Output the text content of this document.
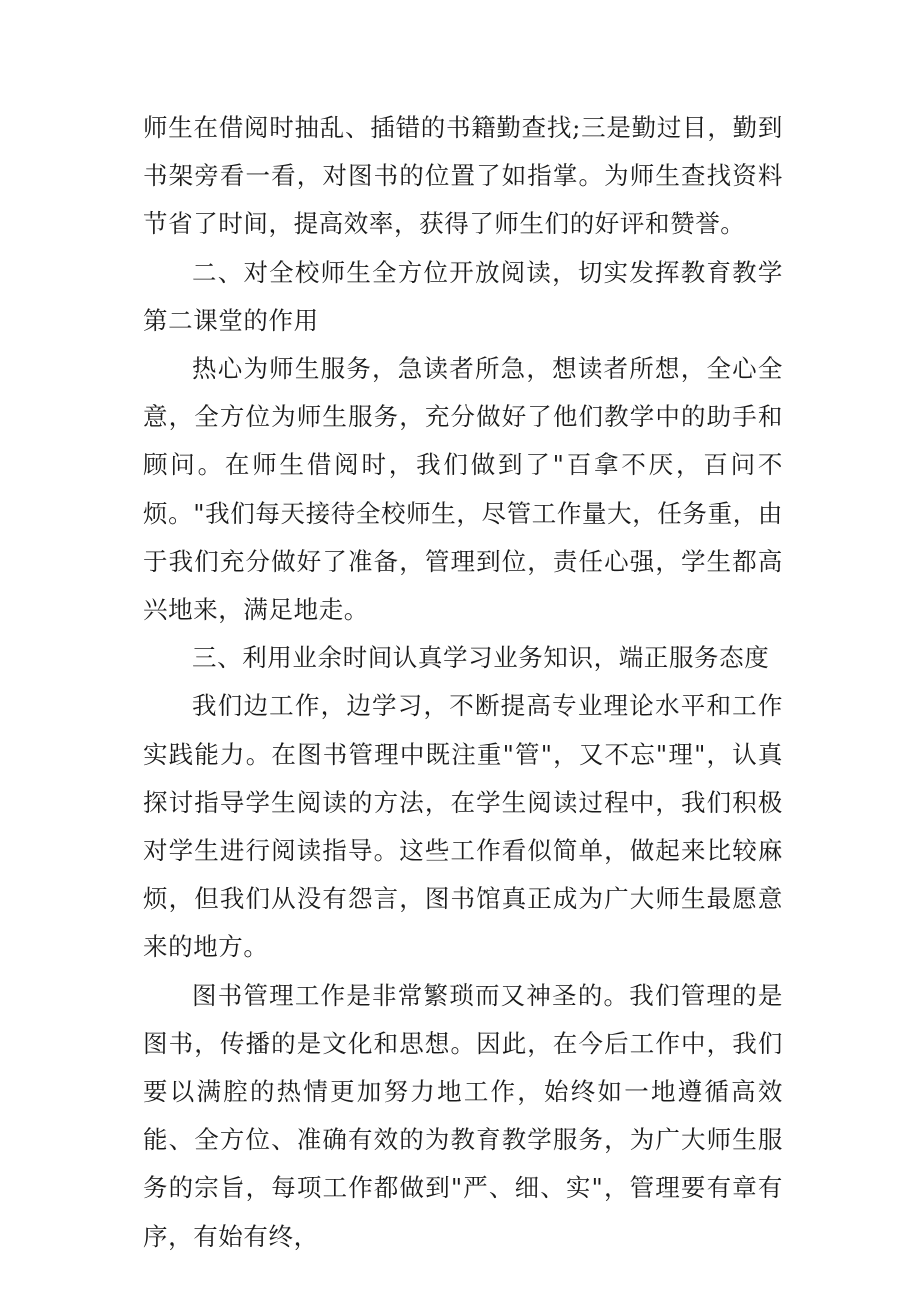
师生在借阅时抽乱、插错的书籍勤查找;三是勤过目，勤到书架旁看一看，对图书的位置了如指掌。为师生查找资料节省了时间，提高效率，获得了师生们的好评和赞誉。

二、对全校师生全方位开放阅读，切实发挥教育教学第二课堂的作用

热心为师生服务，急读者所急，想读者所想，全心全意，全方位为师生服务，充分做好了他们教学中的助手和顾问。在师生借阅时，我们做到了"百拿不厌，百问不烦。"我们每天接待全校师生，尽管工作量大，任务重，由于我们充分做好了准备，管理到位，责任心强，学生都高兴地来，满足地走。

三、利用业余时间认真学习业务知识，端正服务态度

我们边工作，边学习，不断提高专业理论水平和工作实践能力。在图书管理中既注重"管"，又不忘"理"，认真探讨指导学生阅读的方法，在学生阅读过程中，我们积极对学生进行阅读指导。这些工作看似简单，做起来比较麻烦，但我们从没有怨言，图书馆真正成为广大师生最愿意来的地方。

图书管理工作是非常繁琐而又神圣的。我们管理的是图书，传播的是文化和思想。因此，在今后工作中，我们要以满腔的热情更加努力地工作，始终如一地遵循高效能、全方位、准确有效的为教育教学服务，为广大师生服务的宗旨，每项工作都做到"严、细、实"，管理要有章有序，有始有终，
